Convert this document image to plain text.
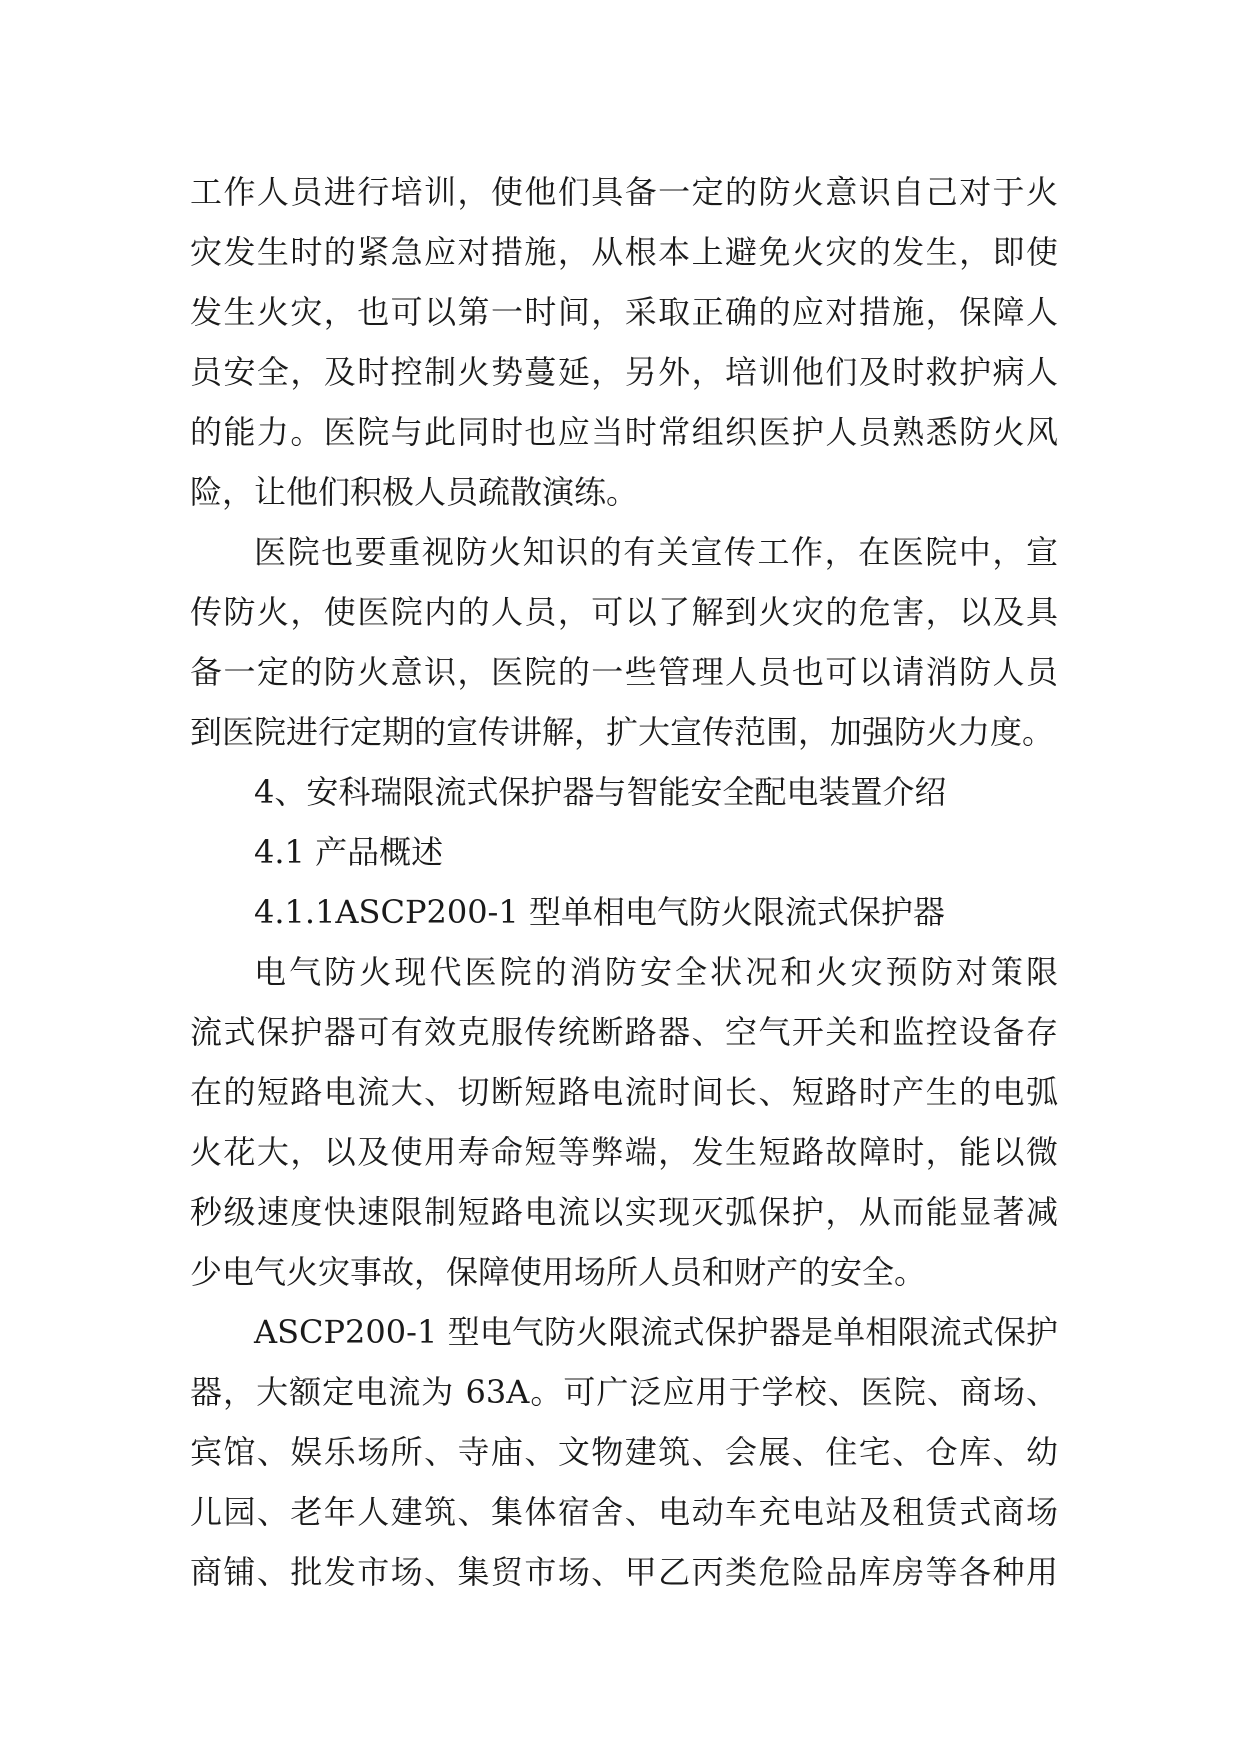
工作人员进行培训，使他们具备一定的防火意识自己对于火
灾发生时的紧急应对措施，从根本上避免火灾的发生，即使
发生火灾，也可以第一时间，采取正确的应对措施，保障人
员安全，及时控制火势蔓延，另外，培训他们及时救护病人
的能力。医院与此同时也应当时常组织医护人员熟悉防火风
险，让他们积极人员疏散演练。
医院也要重视防火知识的有关宣传工作，在医院中，宣
传防火，使医院内的人员，可以了解到火灾的危害，以及具
备一定的防火意识，医院的一些管理人员也可以请消防人员
到医院进行定期的宣传讲解，扩大宣传范围，加强防火力度。
4、安科瑞限流式保护器与智能安全配电装置介绍
4.1 产品概述
4.1.1ASCP200-1 型单相电气防火限流式保护器
电气防火现代医院的消防安全状况和火灾预防对策限
流式保护器可有效克服传统断路器、空气开关和监控设备存
在的短路电流大、切断短路电流时间长、短路时产生的电弧
火花大，以及使用寿命短等弊端，发生短路故障时，能以微
秒级速度快速限制短路电流以实现灭弧保护，从而能显著减
少电气火灾事故，保障使用场所人员和财产的安全。
ASCP200-1 型电气防火限流式保护器是单相限流式保护
器，大额定电流为 63A。可广泛应用于学校、医院、商场、
宾馆、娱乐场所、寺庙、文物建筑、会展、住宅、仓库、幼
儿园、老年人建筑、集体宿舍、电动车充电站及租赁式商场
商铺、批发市场、集贸市场、甲乙丙类危险品库房等各种用
